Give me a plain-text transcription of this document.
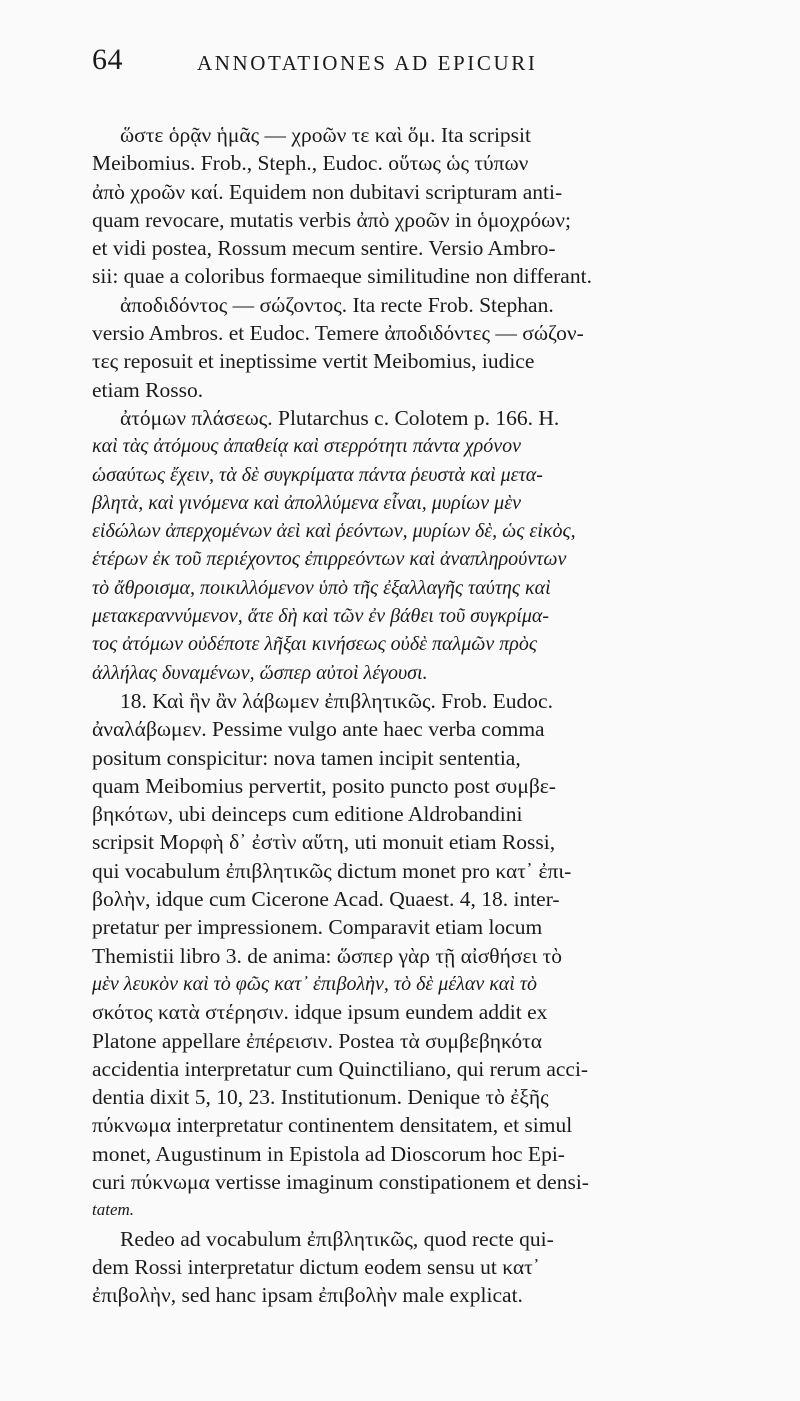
64	ANNOTATIONES AD EPICURI
ὥστε ὁρᾷν ἡμᾶς — χροῶν τε καὶ ὅμ. Ita scripsit
Meibomius. Frob., Steph., Eudoc. οὕτως ὡς τύπων
ἀπὸ χροῶν καί. Equidem non dubitavi scripturam anti-
quam revocare, mutatis verbis ἀπὸ χροῶν in ὁμοχρόων;
et vidi postea, Rossum mecum sentire. Versio Ambro-
sii: quae a coloribus formaeque similitudine non differant.
ἀποδιδόντος — σώζοντος. Ita recte Frob. Stephan.
versio Ambros. et Eudoc. Temere ἀποδιδόντες — σώζον-
τες reposuit et ineptissime vertit Meibomius, iudice
etiam Rosso.
ἀτόμων πλάσεως. Plutarchus c. Colotem p. 166. H.
καὶ τὰς ἀτόμους ἀπαθείᾳ καὶ στερρότητι πάντα χρόνον
ὡσαύτως ἔχειν, τὰ δὲ συγκρίματα πάντα ῥευστὰ καὶ μετα-
βλητὰ, καὶ γινόμενα καὶ ἀπολλύμενα εἶναι, μυρίων μὲν
εἰδώλων ἀπερχομένων ἀεὶ καὶ ῥεόντων, μυρίων δὲ, ὡς εἰκὸς,
ἑτέρων ἐκ τοῦ περιέχοντος ἐπιρρεόντων καὶ ἀναπληρούντων
τὸ ἄθροισμα, ποικιλλόμενον ὑπὸ τῆς ἐξαλλαγῆς ταύτης καὶ
μετακεραννύμενον, ἅτε δὴ καὶ τῶν ἐν βάθει τοῦ συγκρίμα-
τος ἀτόμων οὐδέποτε λῆξαι κινήσεως οὐδὲ παλμῶν πρὸς
ἀλλήλας δυναμένων, ὥσπερ αὐτοὶ λέγουσι.
18. Καὶ ἣν ἂν λάβωμεν ἐπιβλητικῶς. Frob. Eudoc.
ἀναλάβωμεν. Pessime vulgo ante haec verba comma
positum conspicitur: nova tamen incipit sententia,
quam Meibomius pervertit, posito puncto post συμβε-
βηκότων, ubi deinceps cum editione Aldrobandini
scripsit Μορφὴ δ᾽ ἐστὶν αὕτη, uti monuit etiam Rossi,
qui vocabulum ἐπιβλητικῶς dictum monet pro κατ᾽ ἐπι-
βολὴν, idque cum Cicerone Acad. Quaest. 4, 18. inter-
pretatur per impressionem. Comparavit etiam locum
Themistii libro 3. de anima: ὥσπερ γὰρ τῇ αἰσθήσει τὸ
μὲν λευκὸν καὶ τὸ φῶς κατ᾽ ἐπιβολὴν, τὸ δὲ μέλαν καὶ τὸ
σκότος κατὰ στέρησιν. idque ipsum eundem addit ex
Platone appellare ἐπέρεισιν. Postea τὰ συμβεβηκότα
accidentia interpretatur cum Quinctiliano, qui rerum acci-
dentia dixit 5, 10, 23. Institutionum. Denique τὸ ἐξῆς
πύκνωμα interpretatur continentem densitatem, et simul
monet, Augustinum in Epistola ad Dioscorum hoc Epi-
curi πύκνωμα vertisse imaginum constipationem et densi-
tatem.
Redeo ad vocabulum ἐπιβλητικῶς, quod recte qui-
dem Rossi interpretatur dictum eodem sensu ut κατ᾽
ἐπιβολὴν, sed hanc ipsam ἐπιβολὴν male explicat.
